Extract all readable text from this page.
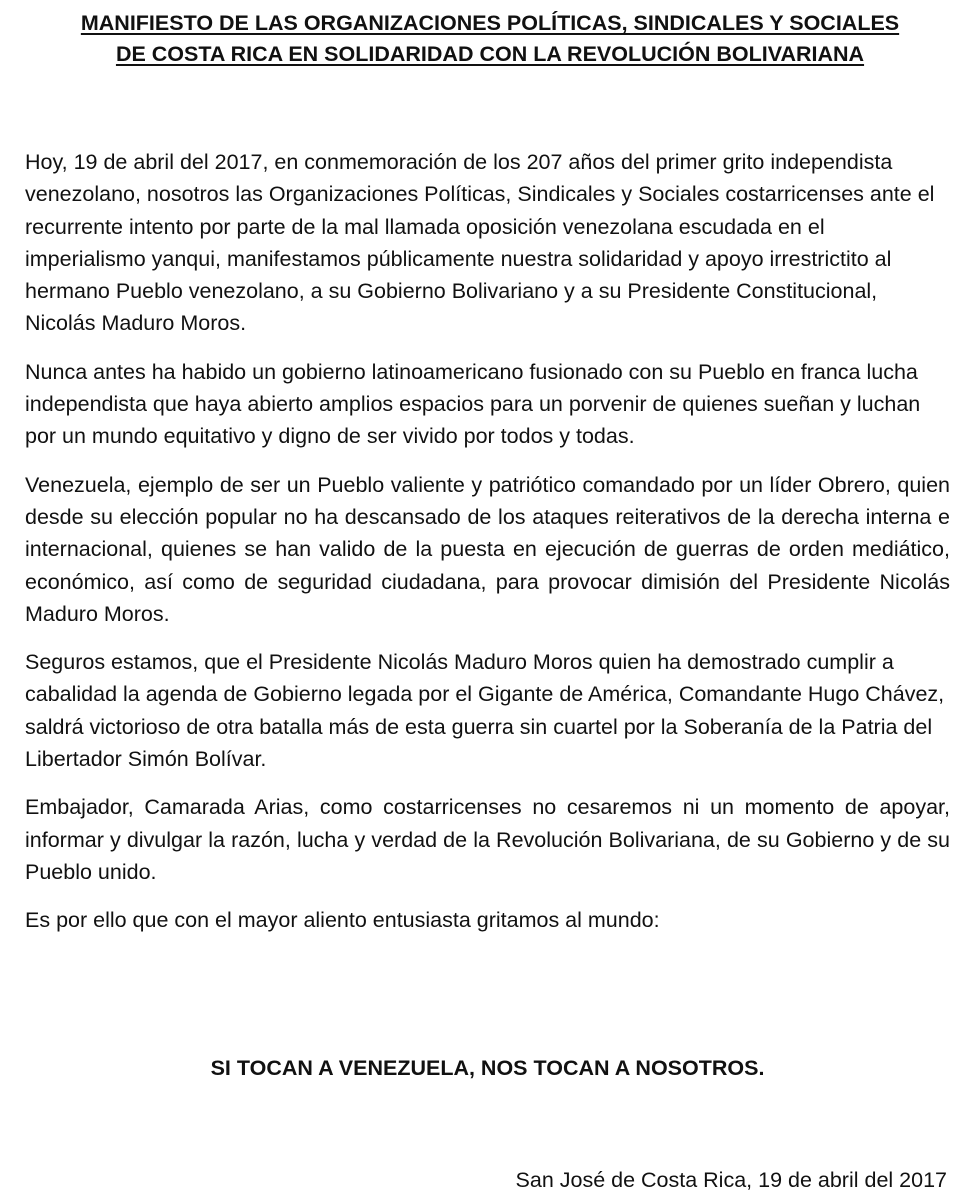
MANIFIESTO DE LAS ORGANIZACIONES POLÍTICAS, SINDICALES Y SOCIALES
DE COSTA RICA EN SOLIDARIDAD CON LA REVOLUCIÓN BOLIVARIANA

Hoy, 19 de abril del 2017, en conmemoración de los 207 años del primer grito independista venezolano, nosotros las Organizaciones Políticas, Sindicales y Sociales costarricenses ante el recurrente intento por parte de la mal llamada oposición venezolana escudada en el imperialismo yanqui, manifestamos públicamente nuestra solidaridad y apoyo irrestrictito al hermano Pueblo venezolano, a su Gobierno Bolivariano y a su Presidente Constitucional, Nicolás Maduro Moros.

Nunca antes ha habido un gobierno latinoamericano fusionado con su Pueblo en franca lucha independista que haya abierto amplios espacios para un porvenir de quienes sueñan y luchan por un mundo equitativo y digno de ser vivido por todos y todas.

Venezuela, ejemplo de ser un Pueblo valiente y patriótico comandado por un líder Obrero, quien desde su elección popular no ha descansado de los ataques reiterativos de la derecha interna e internacional, quienes se han valido de la puesta en ejecución de guerras de orden mediático, económico, así como de seguridad ciudadana, para provocar dimisión del Presidente Nicolás Maduro Moros.

Seguros estamos, que el Presidente Nicolás Maduro Moros quien ha demostrado cumplir a cabalidad la agenda de Gobierno legada por el Gigante de América, Comandante Hugo Chávez, saldrá victorioso de otra batalla más de esta guerra sin cuartel por la Soberanía de la Patria del Libertador Simón Bolívar.

Embajador, Camarada Arias, como costarricenses no cesaremos ni un momento de apoyar, informar y divulgar la razón, lucha y verdad de la Revolución Bolivariana, de su Gobierno y de su Pueblo unido.

Es por ello que con el mayor aliento entusiasta gritamos al mundo:

SI TOCAN A VENEZUELA, NOS TOCAN A NOSOTROS.

San José de Costa Rica, 19 de abril del 2017
